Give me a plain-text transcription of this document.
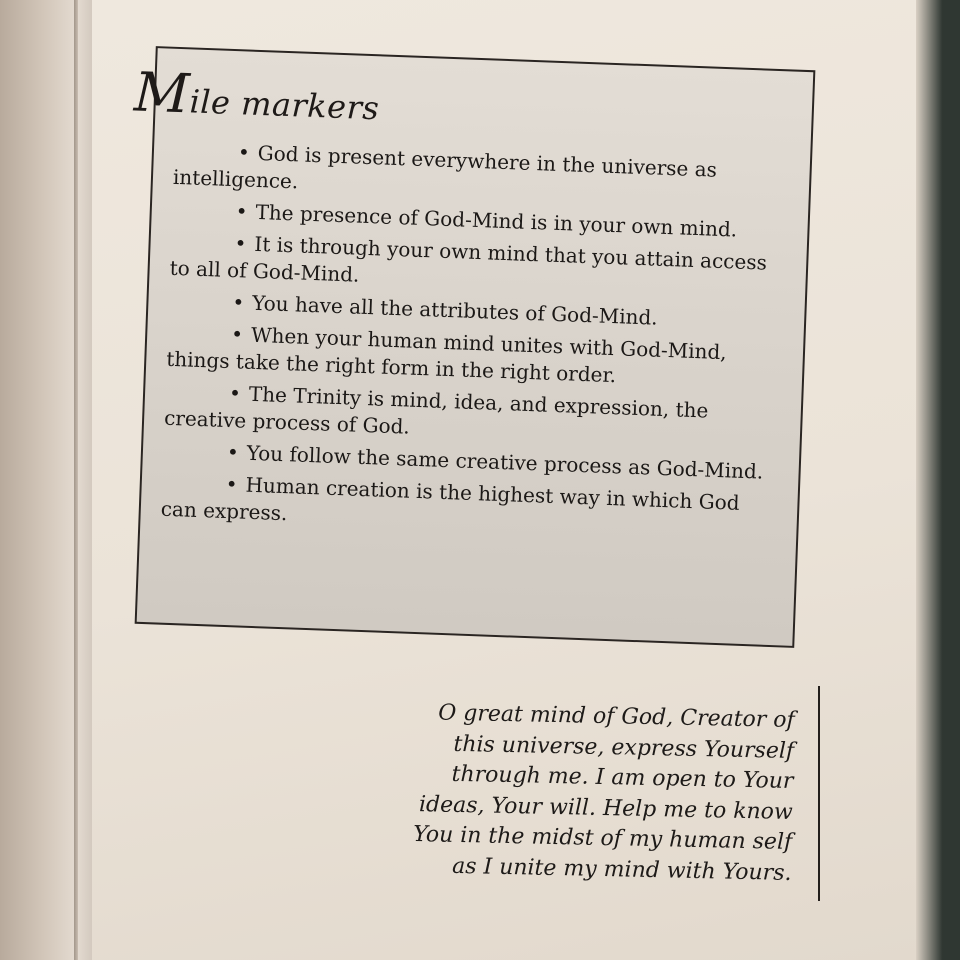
Mile markers
• God is present everywhere in the universe as intelligence.
• The presence of God-Mind is in your own mind.
• It is through your own mind that you attain access to all of God-Mind.
• You have all the attributes of God-Mind.
• When your human mind unites with God-Mind, things take the right form in the right order.
• The Trinity is mind, idea, and expression, the creative process of God.
• You follow the same creative process as God-Mind.
• Human creation is the highest way in which God can express.
O great mind of God, Creator of
this universe, express Yourself
through me. I am open to Your
ideas, Your will. Help me to know
You in the midst of my human self
as I unite my mind with Yours.
